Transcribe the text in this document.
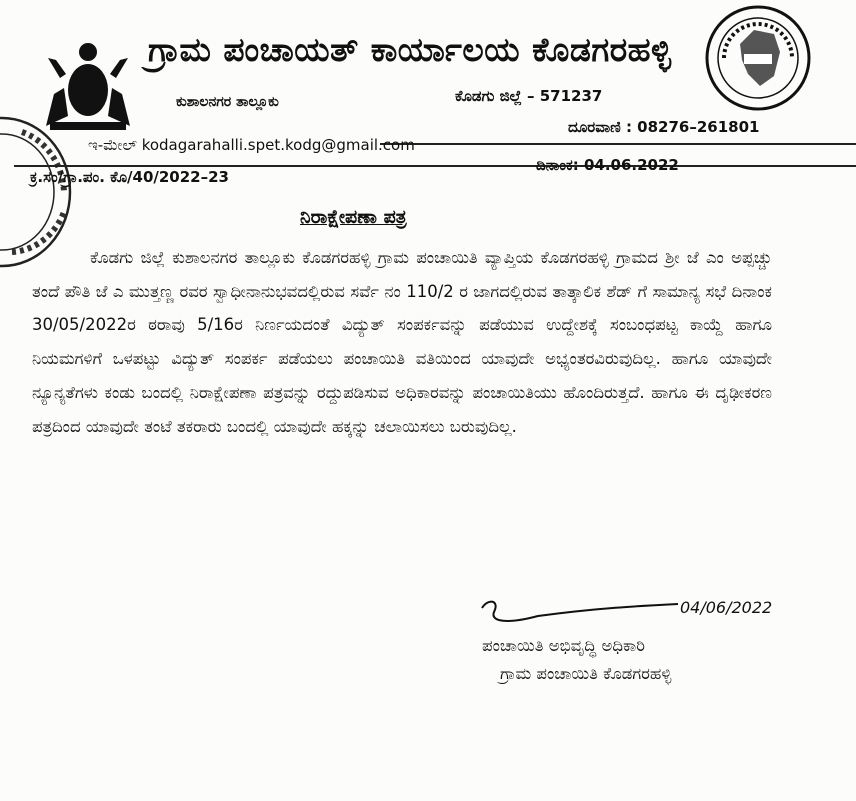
ಗ್ರಾಮ ಪಂಚಾಯತ್ ಕಾರ್ಯಾಲಯ ಕೊಡಗರಹಳ್ಳಿ
ಕುಶಾಲನಗರ ತಾಲ್ಲೂಕು	ಕೊಡಗು ಜಿಲ್ಲೆ – 571237
ದೂರವಾಣಿ : 08276–261801
ಇ-ಮೇಲ್ kodagarahalli.spet.kodg@gmail.com
ಕ್ರ.ಸಂ/ಗ್ರಾ.ಪಂ. ಕೊ/40/2022–23
ದಿನಾಂಕ: 04.06.2022
ನಿರಾಕ್ಷೇಪಣಾ ಪತ್ರ
ಕೊಡಗು ಜಿಲ್ಲೆ ಕುಶಾಲನಗರ ತಾಲ್ಲೂಕು ಕೊಡಗರಹಳ್ಳಿ ಗ್ರಾಮ ಪಂಚಾಯಿತಿ ವ್ಯಾಪ್ತಿಯ ಕೊಡಗರಹಳ್ಳಿ ಗ್ರಾಮದ ಶ್ರೀ ಜೆ ಎಂ ಅಪ್ಪಚ್ಚು ತಂದೆ ಪೌತಿ ಜೆ ಎ ಮುತ್ತಣ್ಣ ರವರ ಸ್ವಾಧೀನಾನುಭವದಲ್ಲಿರುವ ಸರ್ವೆ ನಂ 110/2 ರ ಜಾಗದಲ್ಲಿರುವ ತಾತ್ಕಾಲಿಕ ಶೆಡ್ ಗೆ ಸಾಮಾನ್ಯ ಸಭೆ ದಿನಾಂಕ 30/05/2022ರ ಠರಾವು 5/16ರ ನಿರ್ಣಯದಂತೆ ವಿದ್ಯುತ್ ಸಂಪರ್ಕವನ್ನು ಪಡೆಯುವ ಉದ್ದೇಶಕ್ಕೆ ಸಂಬಂಧಪಟ್ಟ ಕಾಯ್ದೆ ಹಾಗೂ ನಿಯಮಗಳಿಗೆ ಒಳಪಟ್ಟು ವಿದ್ಯುತ್ ಸಂಪರ್ಕ ಪಡೆಯಲು ಪಂಚಾಯಿತಿ ವತಿಯಿಂದ ಯಾವುದೇ ಅಭ್ಯಂತರವಿರುವುದಿಲ್ಲ. ಹಾಗೂ ಯಾವುದೇ ನ್ಯೂನ್ಯತೆಗಳು ಕಂಡು ಬಂದಲ್ಲಿ ನಿರಾಕ್ಷೇಪಣಾ ಪತ್ರವನ್ನು ರದ್ದುಪಡಿಸುವ ಅಧಿಕಾರವನ್ನು ಪಂಚಾಯಿತಿಯು ಹೊಂದಿರುತ್ತದೆ. ಹಾಗೂ ಈ ದೃಢೀಕರಣ ಪತ್ರದಿಂದ ಯಾವುದೇ ತಂಟೆ ತಕರಾರು ಬಂದಲ್ಲಿ ಯಾವುದೇ ಹಕ್ಕನ್ನು ಚಲಾಯಿಸಲು ಬರುವುದಿಲ್ಲ.
04/06/2022
ಪಂಚಾಯಿತಿ ಅಭಿವೃದ್ಧಿ ಅಧಿಕಾರಿ
ಗ್ರಾಮ ಪಂಚಾಯಿತಿ ಕೊಡಗರಹಳ್ಳಿ
